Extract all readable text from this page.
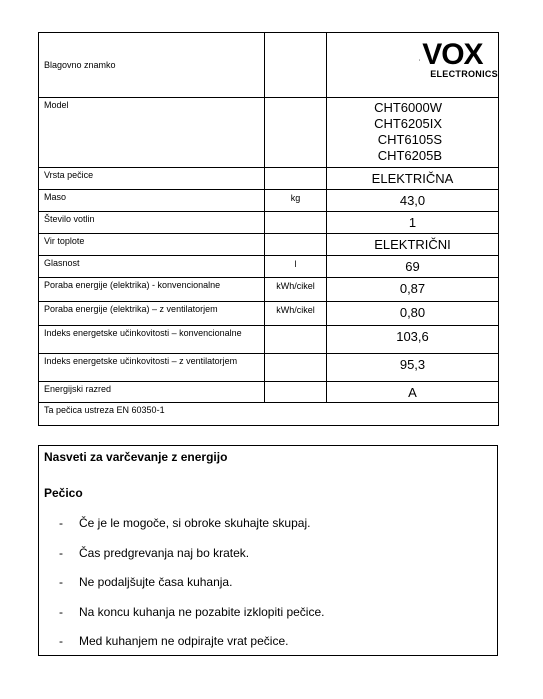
Blagovno znamko		VOX
ELECTRONICS

Model		CHT6000W
CHT6205IX
CHT6105S
CHT6205B

Vrsta pečice		ELEKTRIČNA
Maso	kg	43,0
Število votlin		1
Vir toplote		ELEKTRIČNI
Glasnost	l	69
Poraba energije (elektrika) - konvencionalne	kWh/cikel	0,87
Poraba energije (elektrika) – z ventilatorjem	kWh/cikel	0,80
Indeks energetske učinkovitosti – konvencionalne		103,6
Indeks energetske učinkovitosti – z ventilatorjem		95,3
Energijski razred		A
Ta pečica ustreza EN 60350-1		
Nasveti za varčevanje z energijo
Pečico
- Če je le mogoče, si obroke skuhajte skupaj.
- Čas predgrevanja naj bo kratek.
- Ne podaljšujte časa kuhanja.
- Na koncu kuhanja ne pozabite izklopiti pečice.
- Med kuhanjem ne odpirajte vrat pečice.
